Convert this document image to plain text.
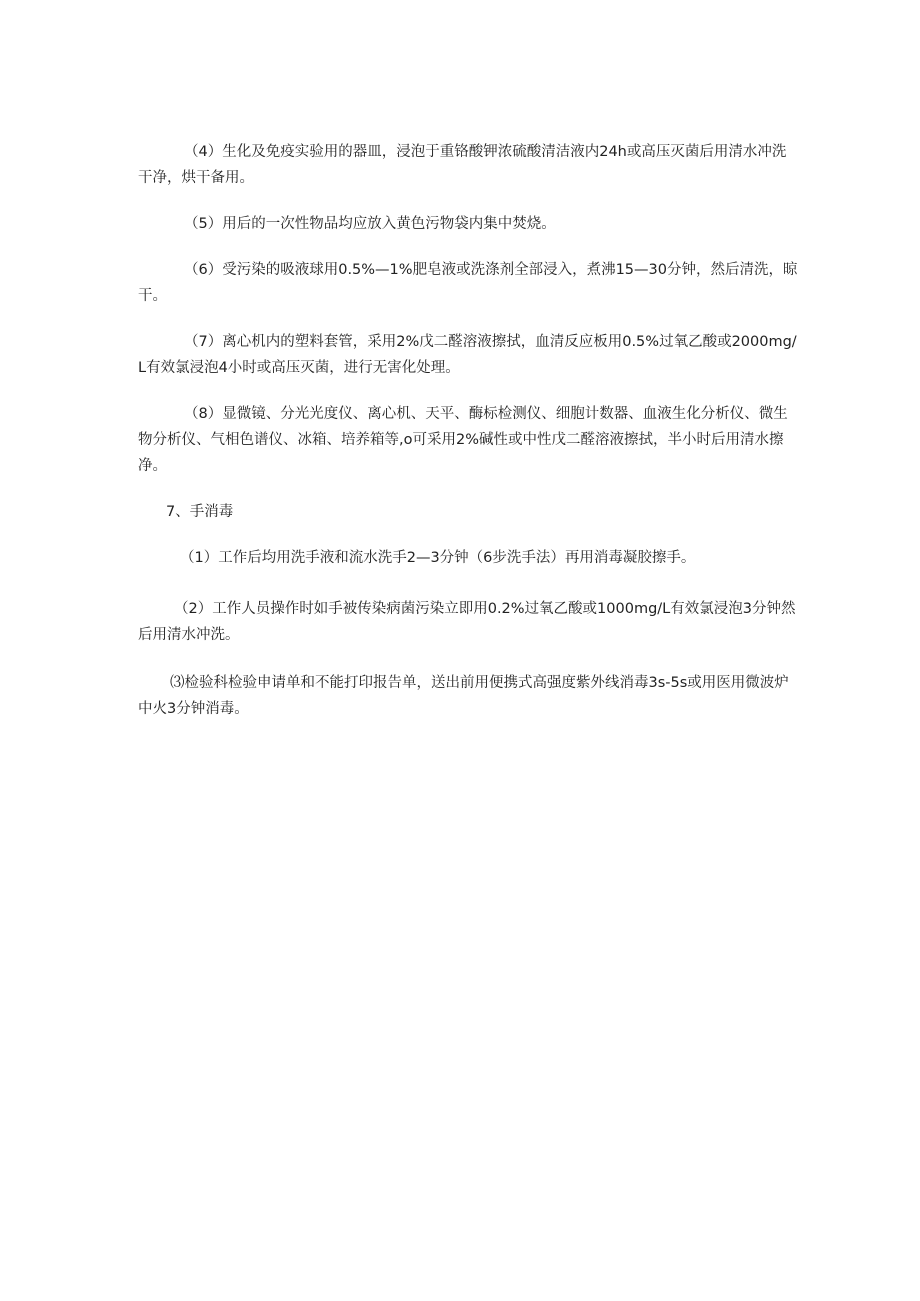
（4）生化及免疫实验用的器皿，浸泡于重铬酸钾浓硫酸清洁液内24h或高压灭菌后用清水冲洗干净，烘干备用。

（5）用后的一次性物品均应放入黄色污物袋内集中焚烧。

（6）受污染的吸液球用0.5%—1%肥皂液或洗涤剂全部浸入，煮沸15—30分钟，然后清洗，晾干。

（7）离心机内的塑料套管，采用2%戊二醛溶液擦拭，血清反应板用0.5%过氧乙酸或2000mg/L有效氯浸泡4小时或高压灭菌，进行无害化处理。

（8）显微镜、分光光度仪、离心机、天平、酶标检测仪、细胞计数器、血液生化分析仪、微生物分析仪、气相色谱仪、冰箱、培养箱等,o可采用2%碱性或中性戊二醛溶液擦拭，半小时后用清水擦净。

7、手消毒

（1）工作后均用洗手液和流水洗手2—3分钟（6步洗手法）再用消毒凝胶擦手。

（2）工作人员操作时如手被传染病菌污染立即用0.2%过氧乙酸或1000mg/L有效氯浸泡3分钟然后用清水冲洗。

⑶检验科检验申请单和不能打印报告单，送出前用便携式高强度紫外线消毒3s-5s或用医用微波炉中火3分钟消毒。
